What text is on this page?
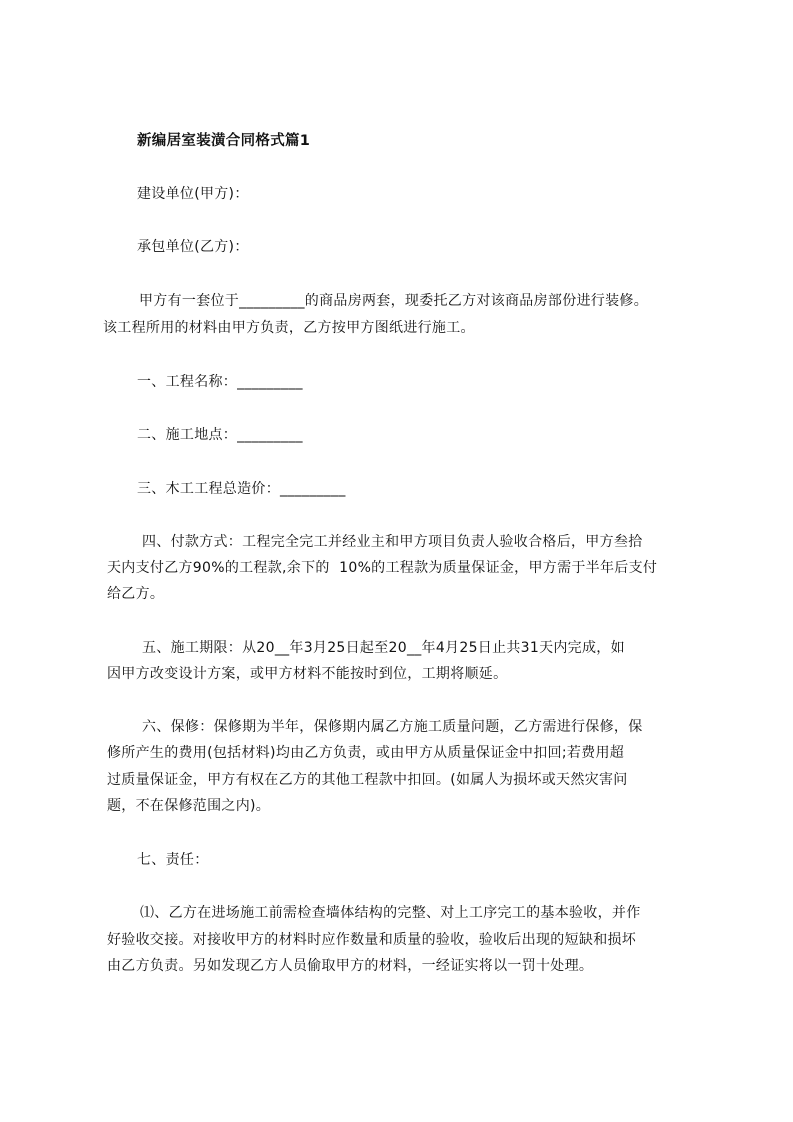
新编居室装潢合同格式篇1
建设单位(甲方)：
承包单位(乙方)：
甲方有一套位于_________的商品房两套，现委托乙方对该商品房部份进行装修。
该工程所用的材料由甲方负责，乙方按甲方图纸进行施工。
一、工程名称：_________
二、施工地点：_________
三、木工工程总造价：_________
四、付款方式：工程完全完工并经业主和甲方项目负责人验收合格后，甲方叁拾
天内支付乙方90%的工程款,余下的  10%的工程款为质量保证金，甲方需于半年后支付
给乙方。
五、施工期限：从20__年3月25日起至20__年4月25日止共31天内完成，如
因甲方改变设计方案，或甲方材料不能按时到位，工期将顺延。
六、保修：保修期为半年，保修期内属乙方施工质量问题，乙方需进行保修，保
修所产生的费用(包括材料)均由乙方负责，或由甲方从质量保证金中扣回;若费用超
过质量保证金，甲方有权在乙方的其他工程款中扣回。(如属人为损坏或天然灾害问
题，不在保修范围之内)。
七、责任：
⑴、乙方在进场施工前需检查墙体结构的完整、对上工序完工的基本验收，并作
好验收交接。对接收甲方的材料时应作数量和质量的验收，验收后出现的短缺和损坏
由乙方负责。另如发现乙方人员偷取甲方的材料，一经证实将以一罚十处理。
